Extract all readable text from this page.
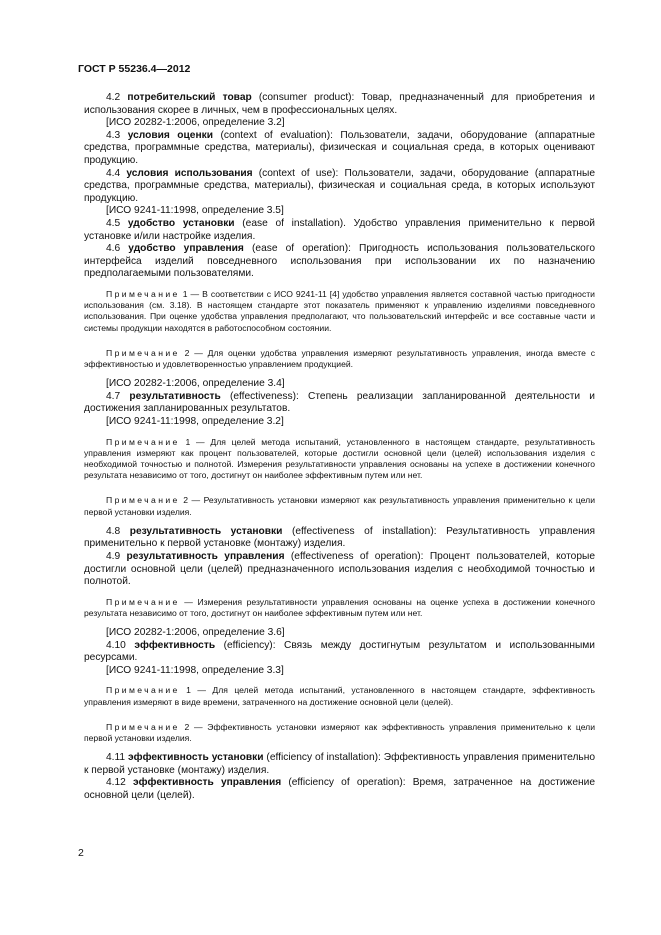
ГОСТ Р 55236.4—2012

4.2 потребительский товар (consumer product): Товар, предназначенный для приобретения и использования скорее в личных, чем в профессиональных целях.

[ИСО 20282-1:2006, определение 3.2]

4.3 условия оценки (context of evaluation): Пользователи, задачи, оборудование (аппаратные средства, программные средства, материалы), физическая и социальная среда, в которых оценивают продукцию.

4.4 условия использования (context of use): Пользователи, задачи, оборудование (аппаратные средства, программные средства, материалы), физическая и социальная среда, в которых используют продукцию.

[ИСО 9241-11:1998, определение 3.5]

4.5 удобство установки (ease of installation). Удобство управления применительно к первой установке и/или настройке изделия.

4.6 удобство управления (ease of operation): Пригодность использования пользовательского интерфейса изделий повседневного использования при использовании их по назначению предполагаемыми пользователями.

Примечание 1 — В соответствии с ИСО 9241-11 [4] удобство управления является составной частью пригодности использования (см. 3.18). В настоящем стандарте этот показатель применяют к управлению изделиями повседневного использования. При оценке удобства управления предполагают, что пользовательский интерфейс и все составные части и системы продукции находятся в работоспособном состоянии.

Примечание 2 — Для оценки удобства управления измеряют результативность управления, иногда вместе с эффективностью и удовлетворенностью управлением продукцией.

[ИСО 20282-1:2006, определение 3.4]

4.7 результативность (effectiveness): Степень реализации запланированной деятельности и достижения запланированных результатов.

[ИСО 9241-11:1998, определение 3.2]

Примечание 1 — Для целей метода испытаний, установленного в настоящем стандарте, результативность управления измеряют как процент пользователей, которые достигли основной цели (целей) использования изделия с необходимой точностью и полнотой. Измерения результативности управления основаны на успехе в достижении конечного результата независимо от того, достигнут он наиболее эффективным путем или нет.

Примечание 2 — Результативность установки измеряют как результативность управления применительно к цели первой установки изделия.

4.8 результативность установки (effectiveness of installation): Результативность управления применительно к первой установке (монтажу) изделия.

4.9 результативность управления (effectiveness of operation): Процент пользователей, которые достигли основной цели (целей) предназначенного использования изделия с необходимой точностью и полнотой.

Примечание — Измерения результативности управления основаны на оценке успеха в достижении конечного результата независимо от того, достигнут он наиболее эффективным путем или нет.

[ИСО 20282-1:2006, определение 3.6]

4.10 эффективность (efficiency): Связь между достигнутым результатом и использованными ресурсами.

[ИСО 9241-11:1998, определение 3.3]

Примечание 1 — Для целей метода испытаний, установленного в настоящем стандарте, эффективность управления измеряют в виде времени, затраченного на достижение основной цели (целей).

Примечание 2 — Эффективность установки измеряют как эффективность управления применительно к цели первой установки изделия.

4.11 эффективность установки (efficiency of installation): Эффективность управления применительно к первой установке (монтажу) изделия.

4.12 эффективность управления (efficiency of operation): Время, затраченное на достижение основной цели (целей).

2
